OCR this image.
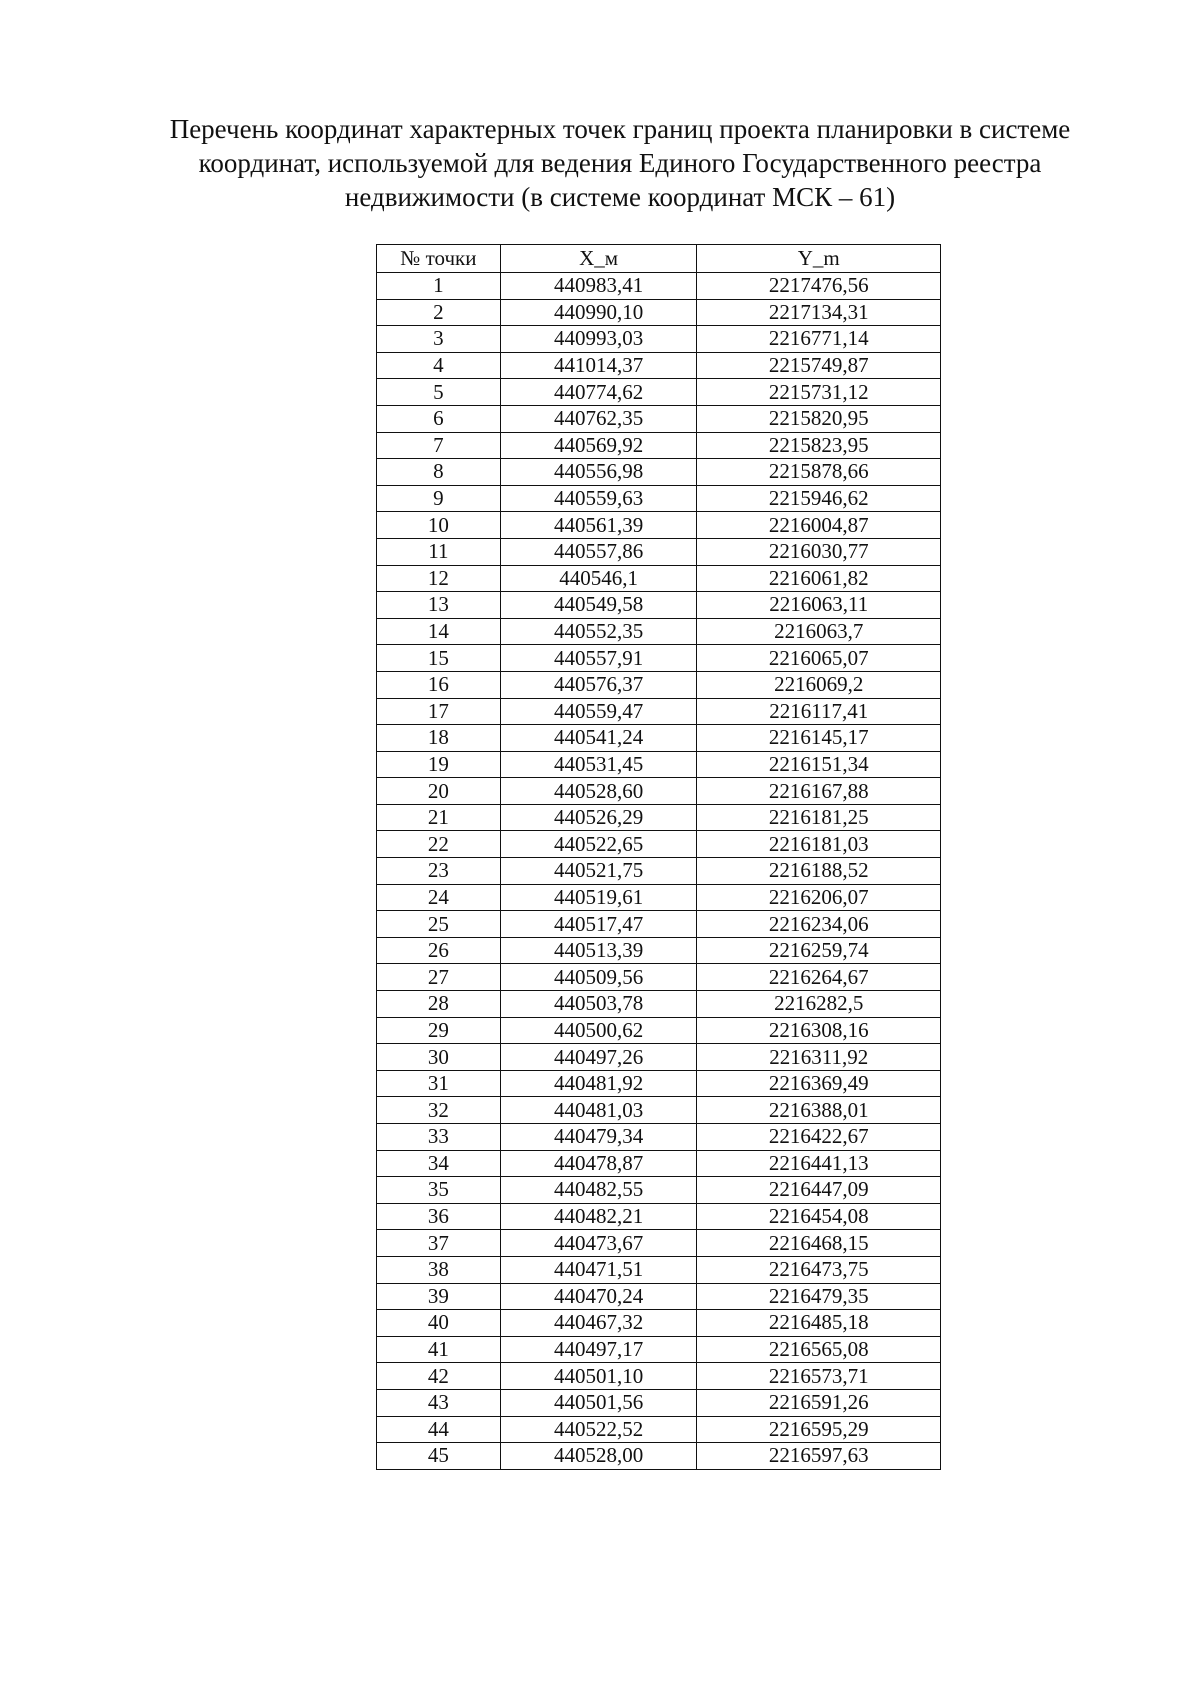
Перечень координат характерных точек границ проекта планировки в системе
координат, используемой для ведения Единого Государственного реестра
недвижимости (в системе координат МСК – 61)
№ точки	X_м	Y_m
1	440983,41	2217476,56
2	440990,10	2217134,31
3	440993,03	2216771,14
4	441014,37	2215749,87
5	440774,62	2215731,12
6	440762,35	2215820,95
7	440569,92	2215823,95
8	440556,98	2215878,66
9	440559,63	2215946,62
10	440561,39	2216004,87
11	440557,86	2216030,77
12	440546,1	2216061,82
13	440549,58	2216063,11
14	440552,35	2216063,7
15	440557,91	2216065,07
16	440576,37	2216069,2
17	440559,47	2216117,41
18	440541,24	2216145,17
19	440531,45	2216151,34
20	440528,60	2216167,88
21	440526,29	2216181,25
22	440522,65	2216181,03
23	440521,75	2216188,52
24	440519,61	2216206,07
25	440517,47	2216234,06
26	440513,39	2216259,74
27	440509,56	2216264,67
28	440503,78	2216282,5
29	440500,62	2216308,16
30	440497,26	2216311,92
31	440481,92	2216369,49
32	440481,03	2216388,01
33	440479,34	2216422,67
34	440478,87	2216441,13
35	440482,55	2216447,09
36	440482,21	2216454,08
37	440473,67	2216468,15
38	440471,51	2216473,75
39	440470,24	2216479,35
40	440467,32	2216485,18
41	440497,17	2216565,08
42	440501,10	2216573,71
43	440501,56	2216591,26
44	440522,52	2216595,29
45	440528,00	2216597,63
